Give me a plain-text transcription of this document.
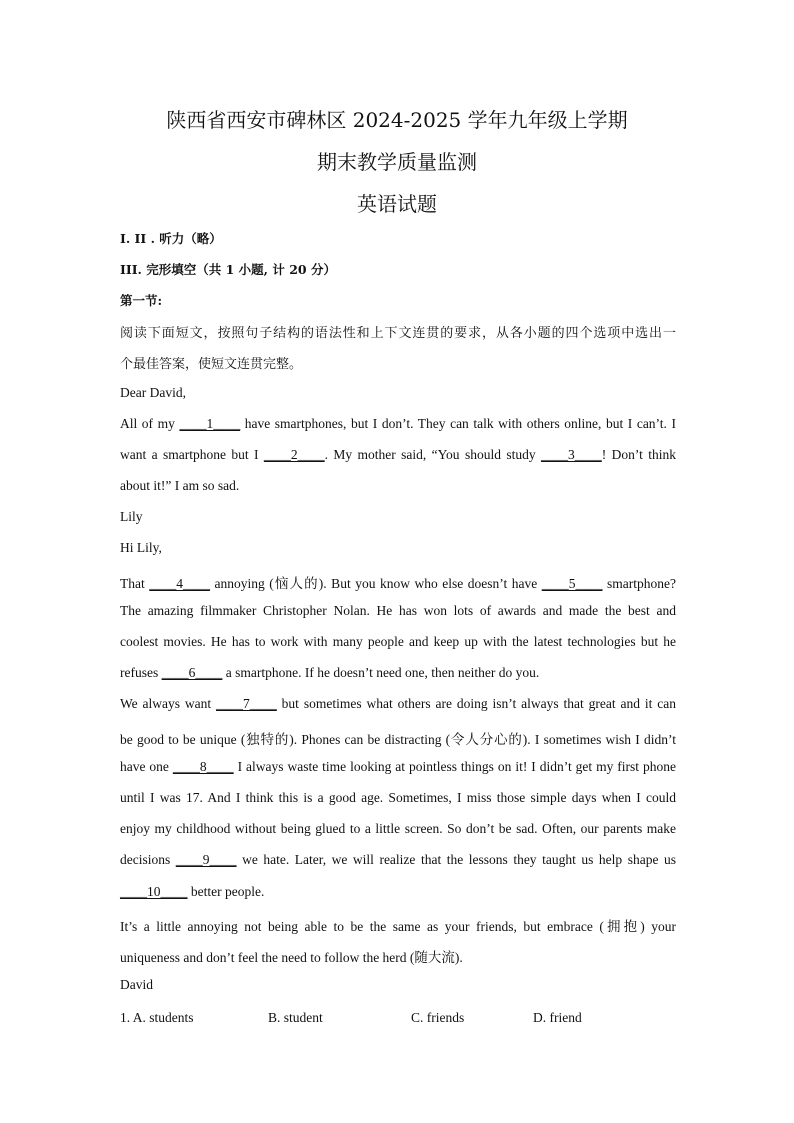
陕西省西安市碑林区 2024-2025 学年九年级上学期
期末教学质量监测
英语试题
I. II . 听力（略）
III. 完形填空（共 1 小题, 计 20 分）
第一节:
阅读下面短文，按照句子结构的语法性和上下文连贯的要求，从各小题的四个选项中选出一
个最佳答案，使短文连贯完整。
Dear David,
All of my ____1____ have smartphones, but I don’t. They can talk with others online, but I can’t. I
want a smartphone but I ____2____. My mother said, “You should study ____3____! Don’t think
about it!” I am so sad.
Lily
Hi Lily,
That ____4____ annoying (恼人的). But you know who else doesn’t have ____5____ smartphone?
The amazing filmmaker Christopher Nolan. He has won lots of awards and made the best and
coolest movies. He has to work with many people and keep up with the latest technologies but he
refuses ____6____ a smartphone. If he doesn’t need one, then neither do you.
We always want ____7____ but sometimes what others are doing isn’t always that great and it can
be good to be unique (独特的). Phones can be distracting (令人分心的). I sometimes wish I didn’t
have one ____8____ I always waste time looking at pointless things on it! I didn’t get my first phone
until I was 17. And I think this is a good age. Sometimes, I miss those simple days when I could
enjoy my childhood without being glued to a little screen. So don’t be sad. Often, our parents make
decisions ____9____ we hate. Later, we will realize that the lessons they taught us help shape us
____10____ better people.
It’s a little annoying not being able to be the same as your friends, but embrace (拥抱) your
uniqueness and don’t feel the need to follow the herd (随大流).
David
1. A. students	B. student	C. friends	D. friend
